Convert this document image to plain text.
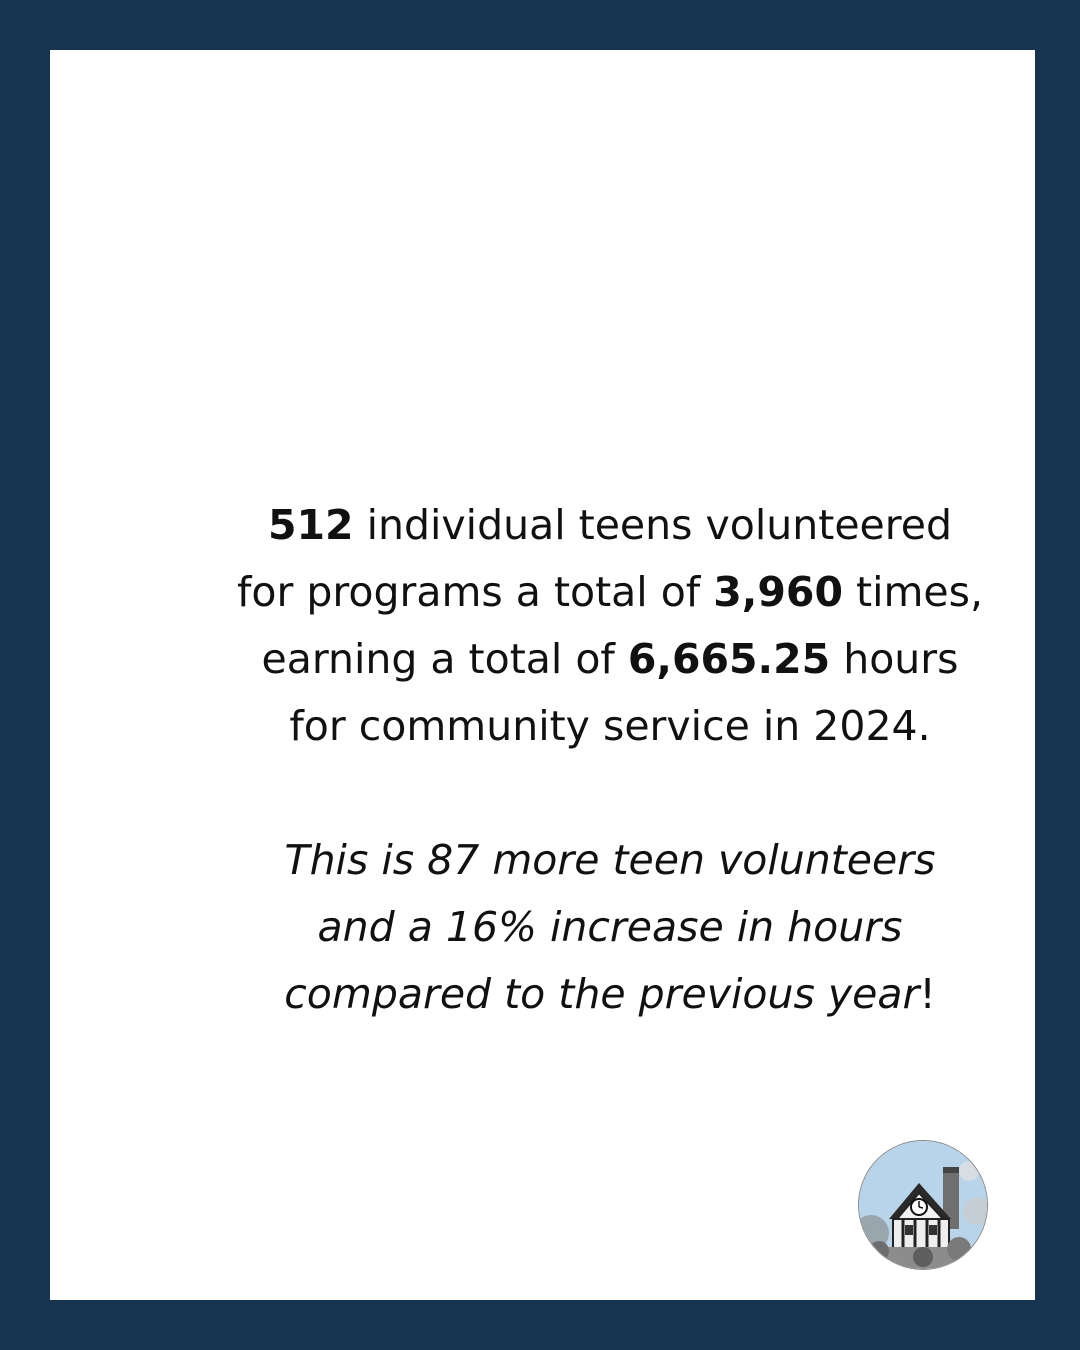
512 individual teens volunteered
for programs a total of 3,960 times,
earning a total of 6,665.25 hours
for community service in 2024.
This is 87 more teen volunteers
and a 16% increase in hours
compared to the previous year!
